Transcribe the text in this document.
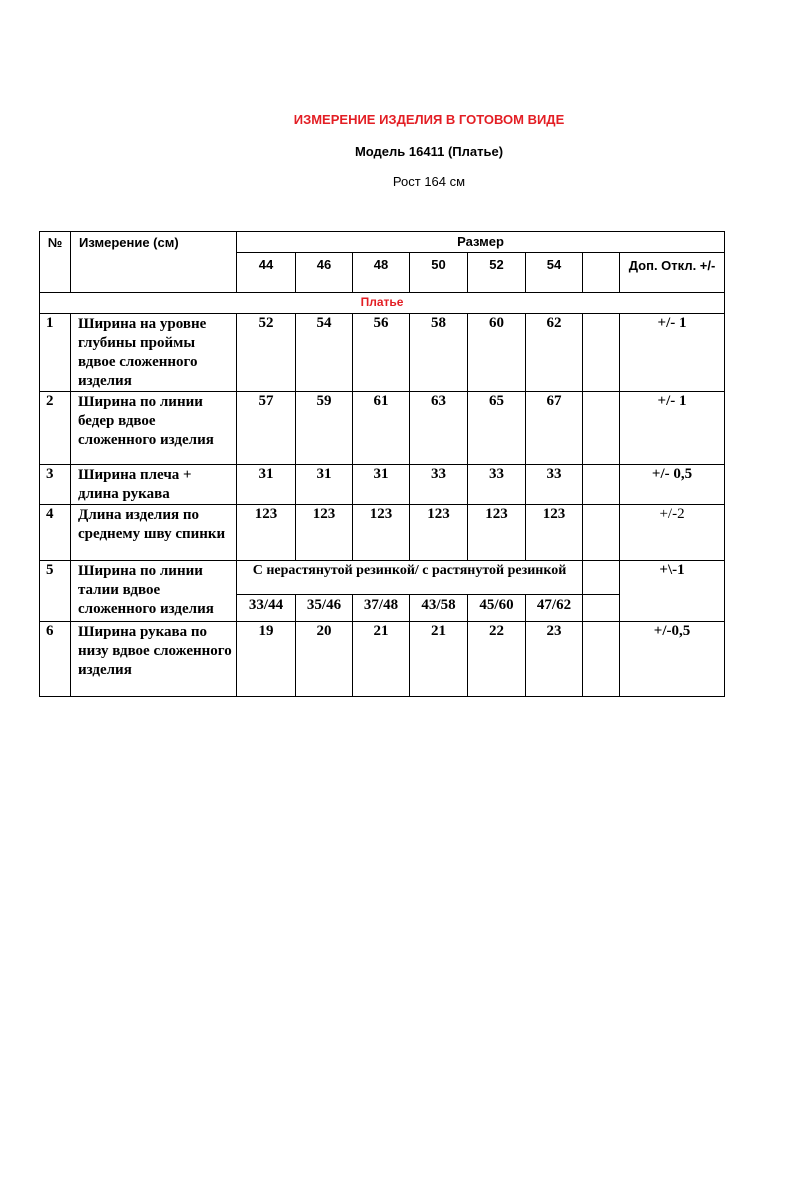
ИЗМЕРЕНИЕ ИЗДЕЛИЯ В ГОТОВОМ ВИДЕ
Модель 16411 (Платье)
Рост 164 см
№	Измерение (см)	Размер							
		44	46	48	50	52	54		Доп. Откл. +/-
Платье									
1	Ширина на уровне глубины проймы вдвое сложенного изделия	52	54	56	58	60	62		+/- 1
2	Ширина по линии бедер вдвое сложенного изделия	57	59	61	63	65	67		+/- 1
3	Ширина плеча + длина рукава	31	31	31	33	33	33		+/- 0,5
4	Длина изделия по среднему шву спинки	123	123	123	123	123	123		+/-2
5	Ширина по линии талии вдвое сложенного изделия	С нерастянутой резинкой/ с растянутой резинкой							+\-1
		33/44	35/46	37/48	43/58	45/60	47/62		
6	Ширина рукава по низу вдвое сложенного изделия	19	20	21	21	22	23		+/-0,5
